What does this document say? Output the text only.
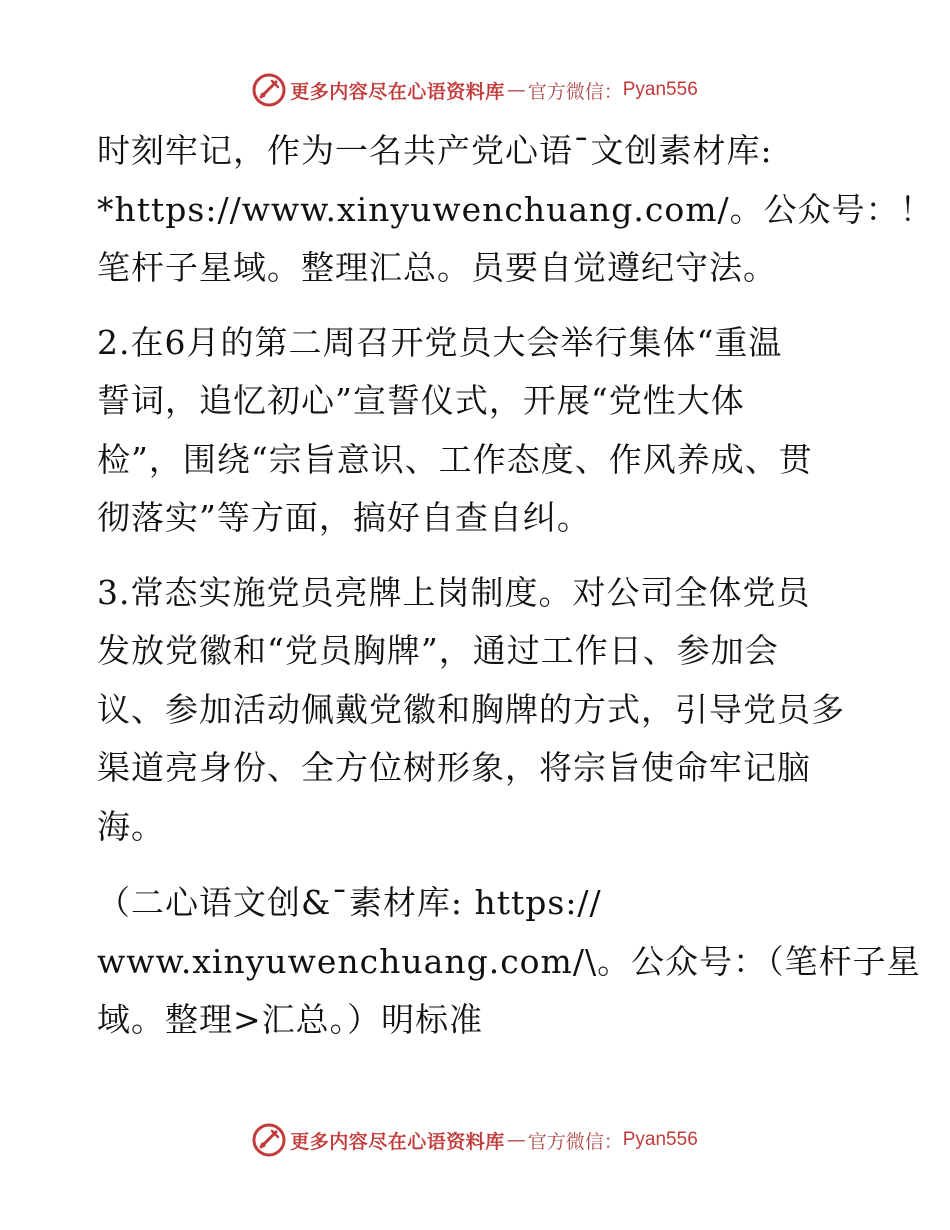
更多内容尽在心语资料库 — 官方微信： Pyan556

时刻牢记，作为一名共产党心语¯文创素材库:
*https://www.xinyuwenchuang.com/。公众号：！
笔杆子星域。整理汇总。员要自觉遵纪守法。

2.在6月的第二周召开党员大会举行集体“重温
誓词，追忆初心”宣誓仪式，开展“党性大体
检”，围绕“宗旨意识、工作态度、作风养成、贯
彻落实”等方面，搞好自查自纠。

3.常态实施党员亮牌上岗制度。对公司全体党员
发放党徽和“党员胸牌”，通过工作日、参加会
议、参加活动佩戴党徽和胸牌的方式，引导党员多
渠道亮身份、全方位树形象，将宗旨使命牢记脑
海。

（二心语文创&¯素材库: https://
www.xinyuwenchuang.com/\。公众号：（笔杆子星
域。整理>汇总。）明标准

更多内容尽在心语资料库 — 官方微信： Pyan556
